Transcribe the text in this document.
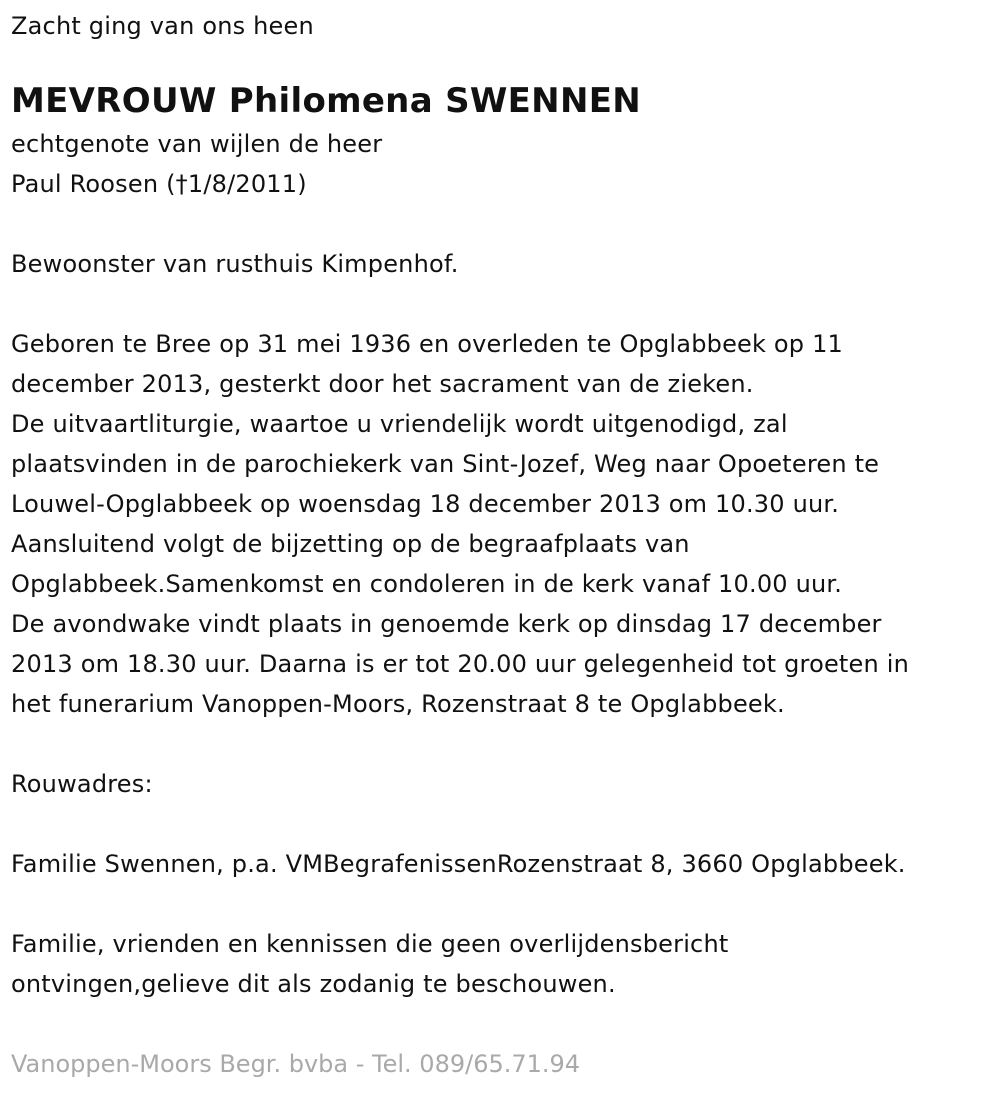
Zacht ging van ons heen
MEVROUW Philomena SWENNEN
echtgenote van wijlen de heer
Paul Roosen (†1/8/2011)
Bewoonster van rusthuis Kimpenhof.
Geboren te Bree op 31 mei 1936 en overleden te Opglabbeek op 11
december 2013, gesterkt door het sacrament van de zieken.
De uitvaartliturgie, waartoe u vriendelijk wordt uitgenodigd, zal
plaatsvinden in de parochiekerk van Sint-Jozef, Weg naar Opoeteren te
Louwel-Opglabbeek op woensdag 18 december 2013 om 10.30 uur.
Aansluitend volgt de bijzetting op de begraafplaats van
Opglabbeek.Samenkomst en condoleren in de kerk vanaf 10.00 uur.
De avondwake vindt plaats in genoemde kerk op dinsdag 17 december
2013 om 18.30 uur. Daarna is er tot 20.00 uur gelegenheid tot groeten in
het funerarium Vanoppen-Moors, Rozenstraat 8 te Opglabbeek.
Rouwadres:
Familie Swennen, p.a. VMBegrafenissenRozenstraat 8, 3660 Opglabbeek.
Familie, vrienden en kennissen die geen overlijdensbericht
ontvingen,gelieve dit als zodanig te beschouwen.
Vanoppen-Moors Begr. bvba - Tel. 089/65.71.94
